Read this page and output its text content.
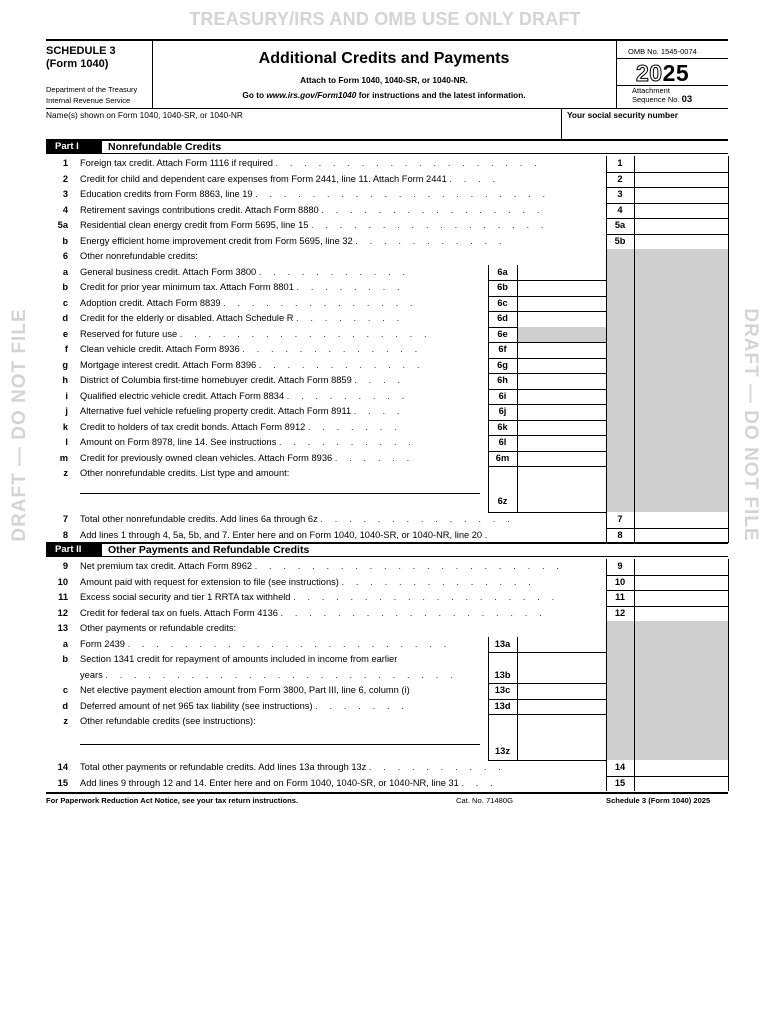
TREASURY/IRS AND OMB USE ONLY DRAFT
DRAFT — DO NOT FILE	DRAFT — DO NOT FILE
SCHEDULE 3
(Form 1040)
Department of the Treasury
Internal Revenue Service
Additional Credits and Payments
Attach to Form 1040, 1040-SR, or 1040-NR.
Go to www.irs.gov/Form1040 for instructions and the latest information.
OMB No. 1545-0074
2025
Attachment
Sequence No. 03
Name(s) shown on Form 1040, 1040-SR, or 1040-NR	Your social security number
Part I	Nonrefundable Credits
Part II	Other Payments and Refundable Credits
1 Foreign tax credit. Attach Form 1116 if required . . . . . . . . . . . . . . . . . . .	1
2 Credit for child and dependent care expenses from Form 2441, line 11. Attach Form 2441 . . . .	2
3 Education credits from Form 8863, line 19 . . . . . . . . . . . . . . . . . . . . .	3
4 Retirement savings contributions credit. Attach Form 8880 . . . . . . . . . . . . . . . .	4
5a Residential clean energy credit from Form 5695, line 15 . . . . . . . . . . . . . . . . .	5a
b Energy efficient home improvement credit from Form 5695, line 32 . . . . . . . . . . .	5b
6 Other nonrefundable credits:
a General business credit. Attach Form 3800 . . . . . . . . . . .	6a
b Credit for prior year minimum tax. Attach Form 8801 . . . . . . . .	6b
c Adoption credit. Attach Form 8839 . . . . . . . . . . . . . .	6c
d Credit for the elderly or disabled. Attach Schedule R . . . . . . . .	6d
e Reserved for future use . . . . . . . . . . . . . . . . . .	6e
f Clean vehicle credit. Attach Form 8936 . . . . . . . . . . . . .	6f
g Mortgage interest credit. Attach Form 8396 . . . . . . . . . . . .	6g
h District of Columbia first-time homebuyer credit. Attach Form 8859 . . . .	6h
i Qualified electric vehicle credit. Attach Form 8834 . . . . . . . . .	6i
j Alternative fuel vehicle refueling property credit. Attach Form 8911 . . . .	6j
k Credit to holders of tax credit bonds. Attach Form 8912 . . . . . . .	6k
l Amount on Form 8978, line 14. See instructions . . . . . . . . . .	6l
m Credit for previously owned clean vehicles. Attach Form 8936 . . . . . .	6m
z Other nonrefundable credits. List type and amount:
6z
7 Total other nonrefundable credits. Add lines 6a through 6z . . . . . . . . . . . . . .	7
8 Add lines 1 through 4, 5a, 5b, and 7. Enter here and on Form 1040, 1040-SR, or 1040-NR, line 20 .	8
9 Net premium tax credit. Attach Form 8962 . . . . . . . . . . . . . . . . . . . . . .	9
10 Amount paid with request for extension to file (see instructions) . . . . . . . . . . . . . .	10
11 Excess social security and tier 1 RRTA tax withheld . . . . . . . . . . . . . . . . . . .	11
12 Credit for federal tax on fuels. Attach Form 4136 . . . . . . . . . . . . . . . . . . .	12
13 Other payments or refundable credits:
a Form 2439 . . . . . . . . . . . . . . . . . . . . . . .	13a
b Section 1341 credit for repayment of amounts included in income from earlier
years . . . . . . . . . . . . . . . . . . . . . . . . .	13b
c Net elective payment election amount from Form 3800, Part III, line 6, column (i)	13c
d Deferred amount of net 965 tax liability (see instructions) . . . . . . .	13d
z Other refundable credits (see instructions):
13z
14 Total other payments or refundable credits. Add lines 13a through 13z . . . . . . . . . .	14
15 Add lines 9 through 12 and 14. Enter here and on Form 1040, 1040-SR, or 1040-NR, line 31 . . .	15
For Paperwork Reduction Act Notice, see your tax return instructions.	Cat. No. 71480G	Schedule 3 (Form 1040) 2025
